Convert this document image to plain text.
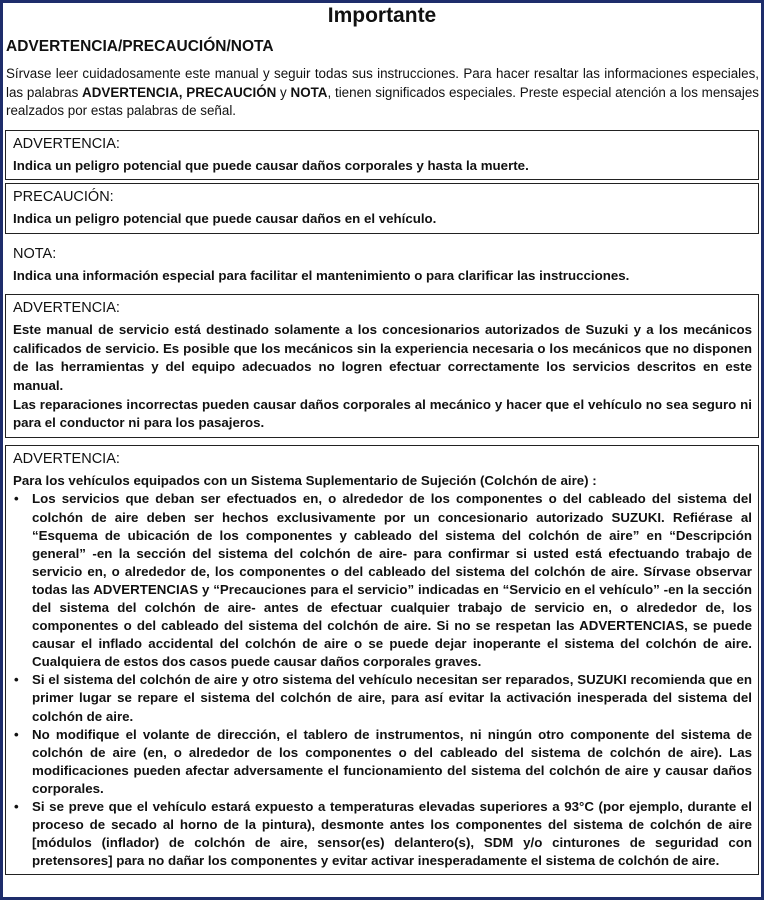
Importante
ADVERTENCIA/PRECAUCIÓN/NOTA
Sírvase leer cuidadosamente este manual y seguir todas sus instrucciones. Para hacer resaltar las informaciones especiales, las palabras ADVERTENCIA, PRECAUCIÓN y NOTA, tienen significados especiales. Preste especial atención a los mensajes realzados por estas palabras de señal.
ADVERTENCIA:
Indica un peligro potencial que puede causar daños corporales y hasta la muerte.
PRECAUCIÓN:
Indica un peligro potencial que puede causar daños en el vehículo.
NOTA:
Indica una información especial para facilitar el mantenimiento o para clarificar las instrucciones.
ADVERTENCIA:

Este manual de servicio está destinado solamente a los concesionarios autorizados de Suzuki y a los mecánicos calificados de servicio. Es posible que los mecánicos sin la experiencia necesaria o los mecánicos que no disponen de las herramientas y del equipo adecuados no logren efectuar correctamente los servicios descritos en este manual.

Las reparaciones incorrectas pueden causar daños corporales al mecánico y hacer que el vehículo no sea seguro ni para el conductor ni para los pasajeros.

ADVERTENCIA:
Para los vehículos equipados con un Sistema Suplementario de Sujeción (Colchón de aire) :
• Los servicios que deban ser efectuados en, o alrededor de los componentes o del cableado del sistema del colchón de aire deben ser hechos exclusivamente por un concesionario autorizado SUZUKI. Refiérase al “Esquema de ubicación de los componentes y cableado del sistema del colchón de aire” en “Descripción general” -en la sección del sistema del colchón de aire- para confirmar si usted está efectuando trabajo de servicio en, o alrededor de, los componentes o del cableado del sistema del colchón de aire. Sírvase observar todas las ADVERTENCIAS y “Precauciones para el servicio” indicadas en “Servicio en el vehículo” -en la sección del sistema del colchón de aire- antes de efectuar cualquier trabajo de servicio en, o alrededor de, los componentes o del cableado del sistema del colchón de aire. Si no se respetan las ADVERTENCIAS, se puede causar el inflado accidental del colchón de aire o se puede dejar inoperante el sistema del colchón de aire. Cualquiera de estos dos casos puede causar daños corporales graves.
• Si el sistema del colchón de aire y otro sistema del vehículo necesitan ser reparados, SUZUKI recomienda que en primer lugar se repare el sistema del colchón de aire, para así evitar la activación inesperada del sistema del colchón de aire.
• No modifique el volante de dirección, el tablero de instrumentos, ni ningún otro componente del sistema de colchón de aire (en, o alrededor de los componentes o del cableado del sistema de colchón de aire). Las modificaciones pueden afectar adversamente el funcionamiento del sistema del colchón de aire y causar daños corporales.
• Si se preve que el vehículo estará expuesto a temperaturas elevadas superiores a 93°C (por ejemplo, durante el proceso de secado al horno de la pintura), desmonte antes los componentes del sistema de colchón de aire [módulos (inflador) de colchón de aire, sensor(es) delantero(s), SDM y/o cinturones de seguridad con pretensores] para no dañar los componentes y evitar activar inesperadamente el sistema de colchón de aire.
